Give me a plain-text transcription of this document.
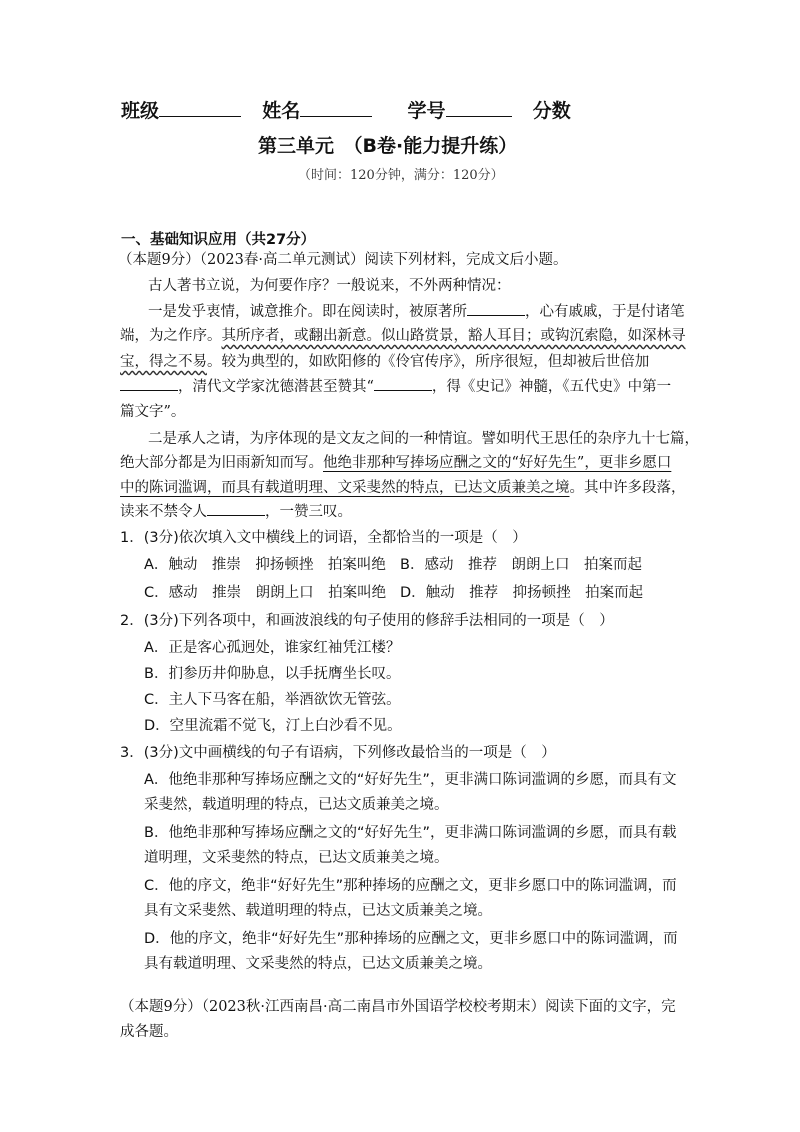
班级	姓名	学号	分数
第三单元　（B卷·能力提升练）
（时间：120分钟，满分：120分）
一、基础知识应用（共27分）
（本题9分）（2023春·高二单元测试）阅读下列材料，完成文后小题。
古人著书立说，为何要作序？一般说来，不外两种情况：
一是发乎衷情，诚意推介。即在阅读时，被原著所	，心有戚戚，于是付诸笔
端，为之作序。其所序者，或翻出新意。似山路赏景，豁人耳目；或钩沉索隐，如深林寻
宝，得之不易。较为典型的，如欧阳修的《伶官传序》，所序很短，但却被后世倍加
，清代文学家沈德潜甚至赞其“	，得《史记》神髓，《五代史》中第一
篇文字”。
二是承人之请，为序体现的是文友之间的一种情谊。譬如明代王思任的杂序九十七篇，
绝大部分都是为旧雨新知而写。他绝非那种写捧场应酬之文的“好好先生”，更非乡愿口
中的陈词滥调，而具有载道明理、文采斐然的特点，已达文质兼美之境。其中许多段落，
读来不禁令人	，一赞三叹。
1．(3分)依次填入文中横线上的词语，全都恰当的一项是（　）
A．触动　推崇　抑扬顿挫　拍案叫绝 B．感动　推荐　朗朗上口　拍案而起
C．感动　推崇　朗朗上口　拍案叫绝 D．触动　推荐　抑扬顿挫　拍案而起
2．(3分)下列各项中，和画波浪线的句子使用的修辞手法相同的一项是（　）
A．正是客心孤迥处，谁家红袖凭江楼？
B．扪参历井仰胁息，以手抚膺坐长叹。
C．主人下马客在船，举酒欲饮无管弦。
D．空里流霜不觉飞，汀上白沙看不见。
3．(3分)文中画横线的句子有语病，下列修改最恰当的一项是（　）
A．他绝非那种写捧场应酬之文的“好好先生”，更非满口陈词滥调的乡愿，而具有文
采斐然，载道明理的特点，已达文质兼美之境。
B．他绝非那种写捧场应酬之文的“好好先生”，更非满口陈词滥调的乡愿，而具有载
道明理，文采斐然的特点，已达文质兼美之境。
C．他的序文，绝非“好好先生”那种捧场的应酬之文，更非乡愿口中的陈词滥调，而
具有文采斐然、载道明理的特点，已达文质兼美之境。
D．他的序文，绝非“好好先生”那种捧场的应酬之文，更非乡愿口中的陈词滥调，而
具有载道明理、文采斐然的特点，已达文质兼美之境。
（本题9分）（2023秋·江西南昌·高二南昌市外国语学校校考期末）阅读下面的文字，完
成各题。
